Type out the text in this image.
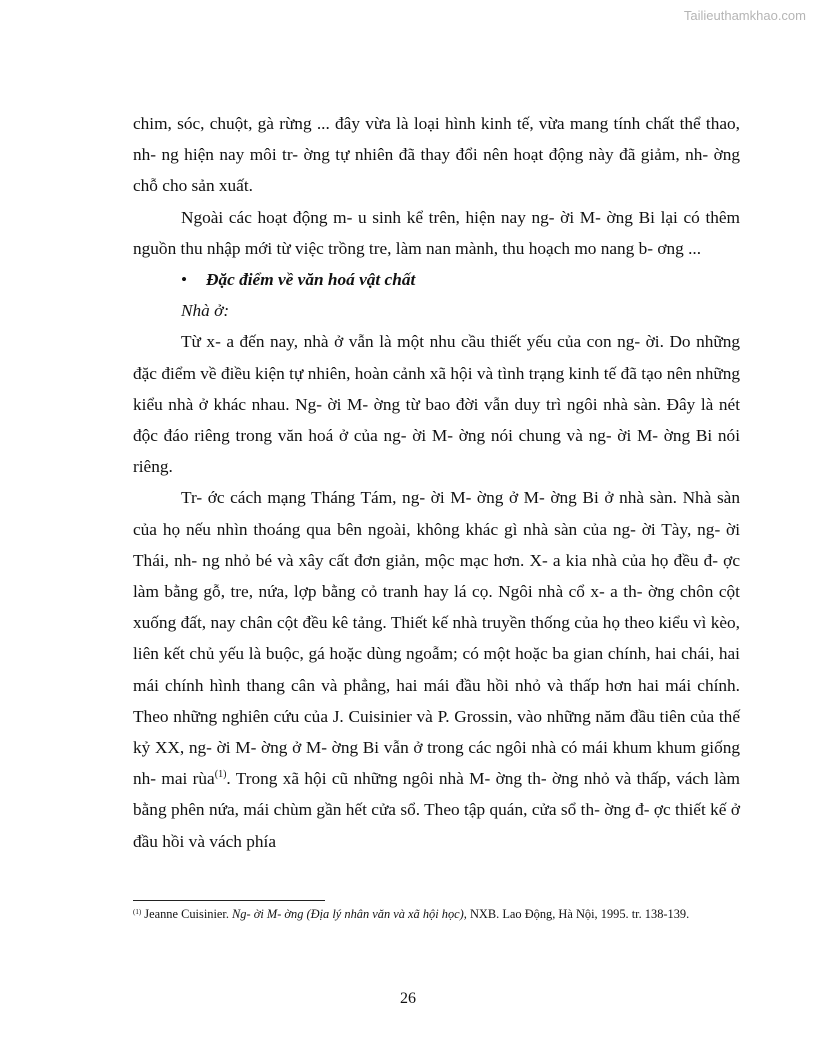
Tailieuthamkhao.com

chim, sóc, chuột, gà rừng ... đây vừa là loại hình kinh tế, vừa mang tính chất thể thao, nh- ng hiện nay môi tr- ờng tự nhiên đã thay đổi nên hoạt động này đã giảm, nh- ờng chỗ cho sản xuất.

Ngoài các hoạt động m- u sinh kể trên, hiện nay ng- ời M- ờng Bi lại có thêm nguồn thu nhập mới từ việc trồng tre, làm nan mành, thu hoạch mo nang b- ơng ...

• Đặc điểm về văn hoá vật chất

Nhà ở:

Từ x- a đến nay, nhà ở vẫn là một nhu cầu thiết yếu của con ng- ời. Do những đặc điểm về điều kiện tự nhiên, hoàn cảnh xã hội và tình trạng kinh tế đã tạo nên những kiểu nhà ở khác nhau. Ng- ời M- ờng từ bao đời vẫn duy trì ngôi nhà sàn. Đây là nét độc đáo riêng trong văn hoá ở của ng- ời M- ờng nói chung và ng- ời M- ờng Bi nói riêng.

Tr- ớc cách mạng Tháng Tám, ng- ời M- ờng ở M- ờng Bi ở nhà sàn. Nhà sàn của họ nếu nhìn thoáng qua bên ngoài, không khác gì nhà sàn của ng- ời Tày, ng- ời Thái, nh- ng nhỏ bé và xây cất đơn giản, mộc mạc hơn. X- a kia nhà của họ đều đ- ợc làm bằng gỗ, tre, nứa, lợp bằng cỏ tranh hay lá cọ. Ngôi nhà cổ x- a th- ờng chôn cột xuống đất, nay chân cột đều kê tảng. Thiết kế nhà truyền thống của họ theo kiểu vì kèo, liên kết chủ yếu là buộc, gá hoặc dùng ngoẫm; có một hoặc ba gian chính, hai chái, hai mái chính hình thang cân và phẳng, hai mái đầu hồi nhỏ và thấp hơn hai mái chính. Theo những nghiên cứu của J. Cuisinier và P. Grossin, vào những năm đầu tiên của thế kỷ XX, ng- ời M- ờng ở M- ờng Bi vẫn ở trong các ngôi nhà có mái khum khum giống nh- mai rùa$^{(1)}$. Trong xã hội cũ những ngôi nhà M- ờng th- ờng nhỏ và thấp, vách làm bằng phên nứa, mái chùm gần hết cửa sổ. Theo tập quán, cửa sổ th- ờng đ- ợc thiết kế ở đầu hồi và vách phía

$^{(1)}$ Jeanne Cuisinier. Ng- ời M- ờng (Địa lý nhân văn và xã hội học), NXB. Lao Động, Hà Nội, 1995. tr. 138-139.
26
